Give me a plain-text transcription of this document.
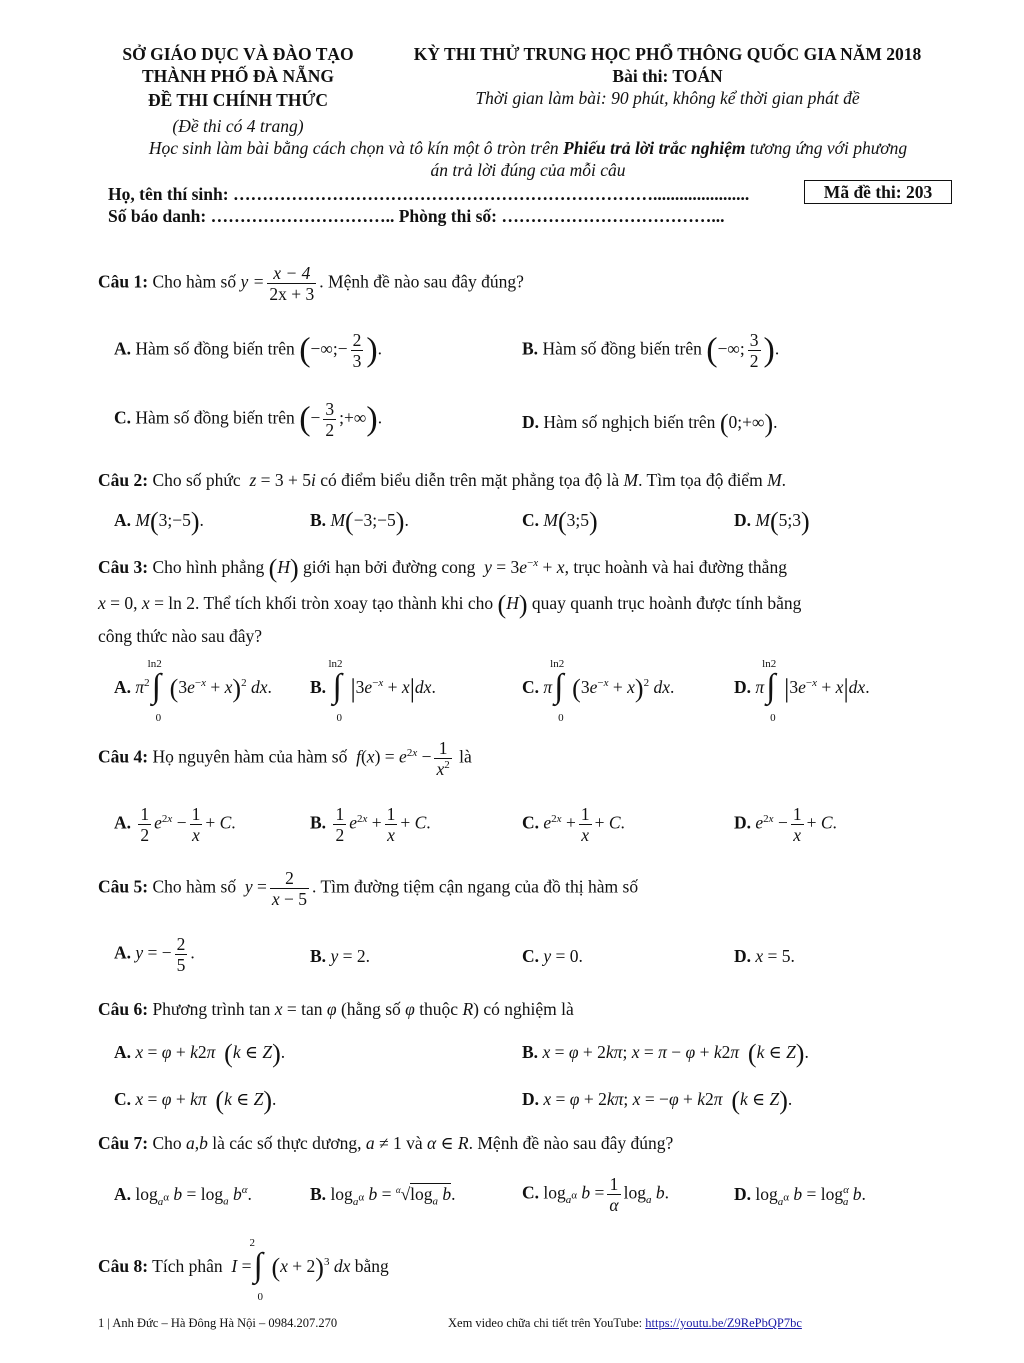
SỞ GIÁO DỤC VÀ ĐÀO TẠO
THÀNH PHỐ ĐÀ NẴNG
ĐỀ THI CHÍNH THỨC
(Đề thi có 4 trang)
KỲ THI THỬ TRUNG HỌC PHỔ THÔNG QUỐC GIA NĂM 2018
Bài thi: TOÁN
Thời gian làm bài: 90 phút, không kể thời gian phát đề
Học sinh làm bài bằng cách chọn và tô kín một ô tròn trên Phiếu trả lời trắc nghiệm tương ứng với phương
án trả lời đúng của mỗi câu
Họ, tên thí sinh: ………………………………………………………………......................
Số báo danh: ………………………….. Phòng thi số: ………………………………...
Mã đề thi: 203
Câu 1: Cho hàm số $y = \frac{x - 4}{2x + 3}$ . Mệnh đề nào sau đây đúng?
A. Hàm số đồng biến trên (−∞;− $\frac{2}{3}$ ).	B. Hàm số đồng biến trên (−∞; $\frac{3}{2}$ ).
C. Hàm số đồng biến trên (− $\frac{3}{2}$ ;+∞).	D. Hàm số nghịch biến trên (0;+∞).
Câu 2: Cho số phức  z = 3 + 5i có điểm biểu diễn trên mặt phẳng tọa độ là M. Tìm tọa độ điểm M.
A. M(3;−5).	B. M(−3;−5).	C. M(3;5)	D. M(5;3)
Câu 3: Cho hình phẳng (H) giới hạn bởi đường cong $y = 3e^{-x} + x$, trục hoành và hai đường thẳng
x = 0, x = ln 2. Thể tích khối tròn xoay tạo thành khi cho (H) quay quanh trục hoành được tính bằng
công thức nào sau đây?
A. $\pi^2$
ln2
∫
0
$(3e^{-x} + x)^2$ dx. B.
ln2
∫
0
$|3e^{-x} + x|dx$.	C. π
ln2
∫
0
$(3e^{-x} + x)^2$ dx.	D. π
ln2
∫
0
$|3e^{-x} + x|dx$.
Câu 4: Họ nguyên hàm của hàm số $f(x) = e^{2x} - \frac{1}{x^2}$ là
A. $\frac{1}{2} e^{2x} - \frac{1}{x} + C$.	B. $\frac{1}{2} e^{2x} + \frac{1}{x} + C$.	C. $e^{2x} + \frac{1}{x} + C$.	D. $e^{2x} - \frac{1}{x} + C$.
Câu 5: Cho hàm số $y = \frac{2}{x - 5}$ . Tìm đường tiệm cận ngang của đồ thị hàm số
A. y = − $\frac{2}{5}$ .	B. y = 2.	C. y = 0.	D. x = 5.
Câu 6: Phương trình tan x = tan φ (hằng số φ thuộc R) có nghiệm là
A. x = φ + k2π (k ∈ Z).	B. x = φ + 2kπ; x = π − φ + k2π (k ∈ Z).
C. x = φ + kπ (k ∈ Z).	D. x = φ + 2kπ; x = −φ + k2π (k ∈ Z).
Câu 7: Cho a,b là các số thực dương, a ≠ 1 và α ∈ R. Mệnh đề nào sau đây đúng?
A. $\log_{a^\alpha} b = \log_a b^\alpha$.	B. $\log_{a^\alpha} b = ^\alpha√\log_a$ b.	C. $\log_{a^\alpha} b = \frac{1}{\alpha} \log_a b$.	D. $\log_{a^\alpha} b = \log^\alpha_a b$.
Câu 8: Tích phân I =
2
∫
0
$(x + 2)^3$ dx bằng
1 | Anh Đức – Hà Đông Hà Nội – 0984.207.270	Xem video chữa chi tiết trên YouTube: https://youtu.be/Z9RePbQP7bc
